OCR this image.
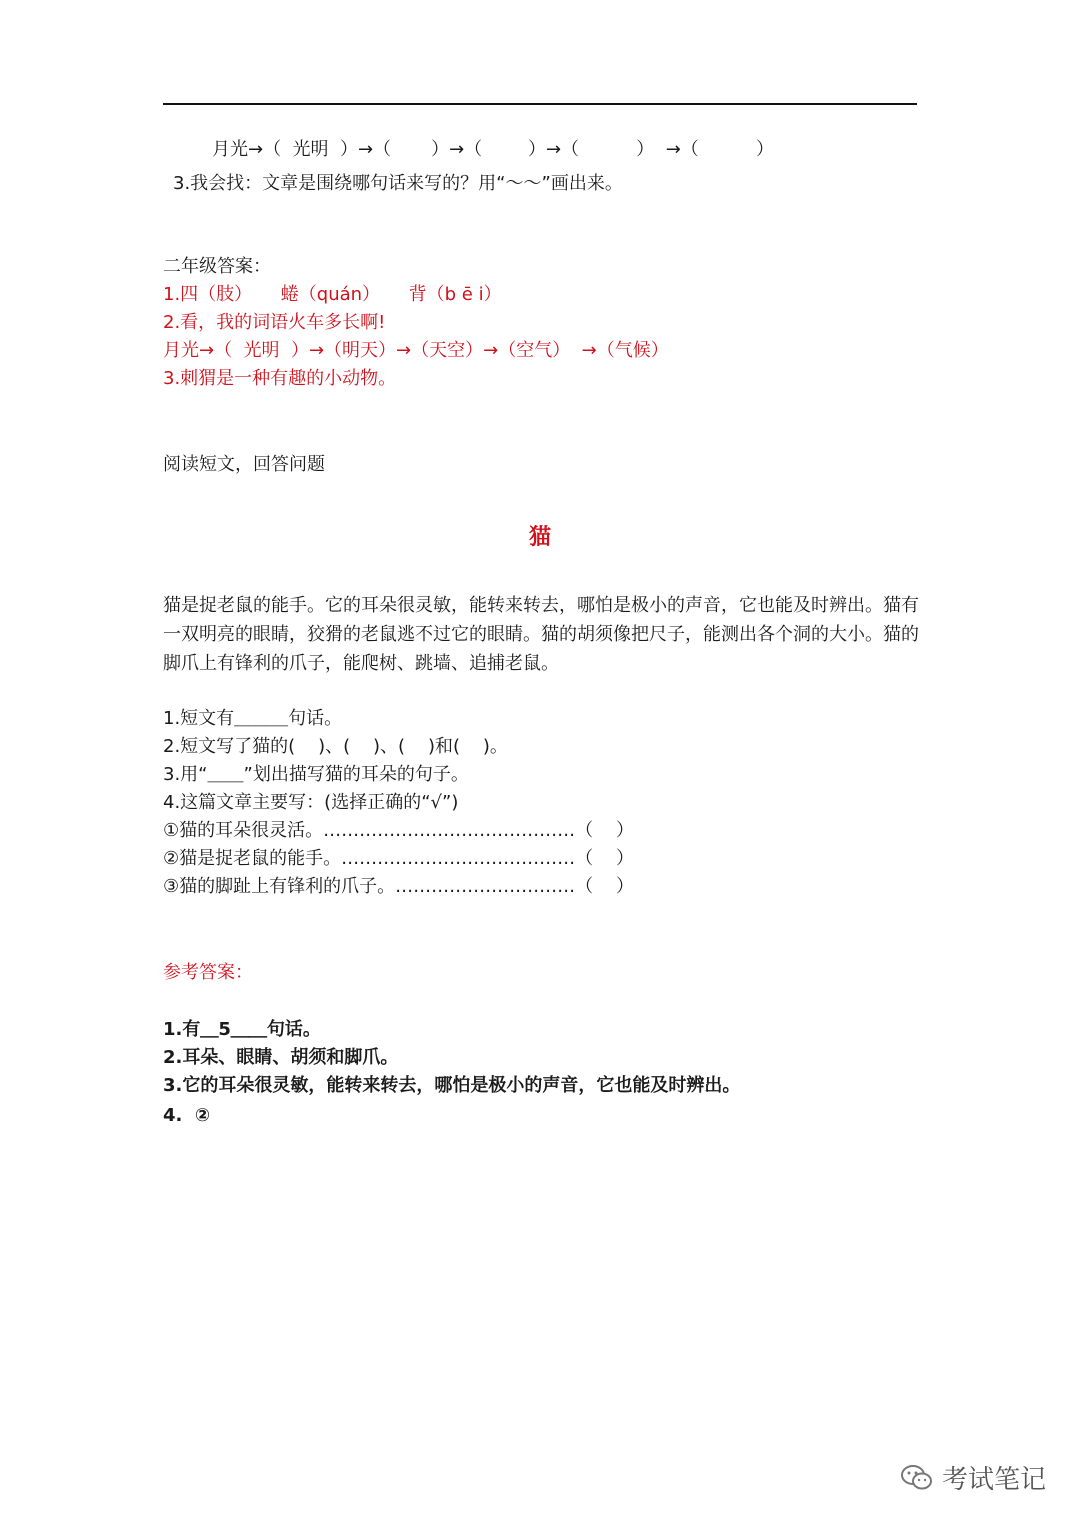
月光→（  光明  ）→（       ）→（        ）→（          ）  →（          ）
3.我会找：文章是围绕哪句话来写的？用“～～”画出来。
二年级答案：
1.四（肢）     蜷（quán）     背（b ē i）
2.看，我的词语火车多长啊!
月光→（  光明  ）→（明天）→（天空）→（空气）  →（气候）
3.刺猬是一种有趣的小动物。
阅读短文，回答问题
猫
猫是捉老鼠的能手。它的耳朵很灵敏，能转来转去，哪怕是极小的声音，它也能及时辨出。猫有一双明亮的眼睛，狡猾的老鼠逃不过它的眼睛。猫的胡须像把尺子，能测出各个洞的大小。猫的脚爪上有锋利的爪子，能爬树、跳墙、追捕老鼠。
1.短文有＿＿＿句话。
2.短文写了猫的(    )、(    )、(    )和(    )。
3.用“＿＿”划出描写猫的耳朵的句子。
4.这篇文章主要写：(选择正确的“√”)
①猫的耳朵很灵活。……………………………………（    ）
②猫是捉老鼠的能手。…………………………………（    ）
③猫的脚趾上有锋利的爪子。…………………………（    ）
参考答案：
1.有＿5＿＿句话。
2.耳朵、眼睛、胡须和脚爪。
3.它的耳朵很灵敏，能转来转去，哪怕是极小的声音，它也能及时辨出。
4.  ②
考试笔记
